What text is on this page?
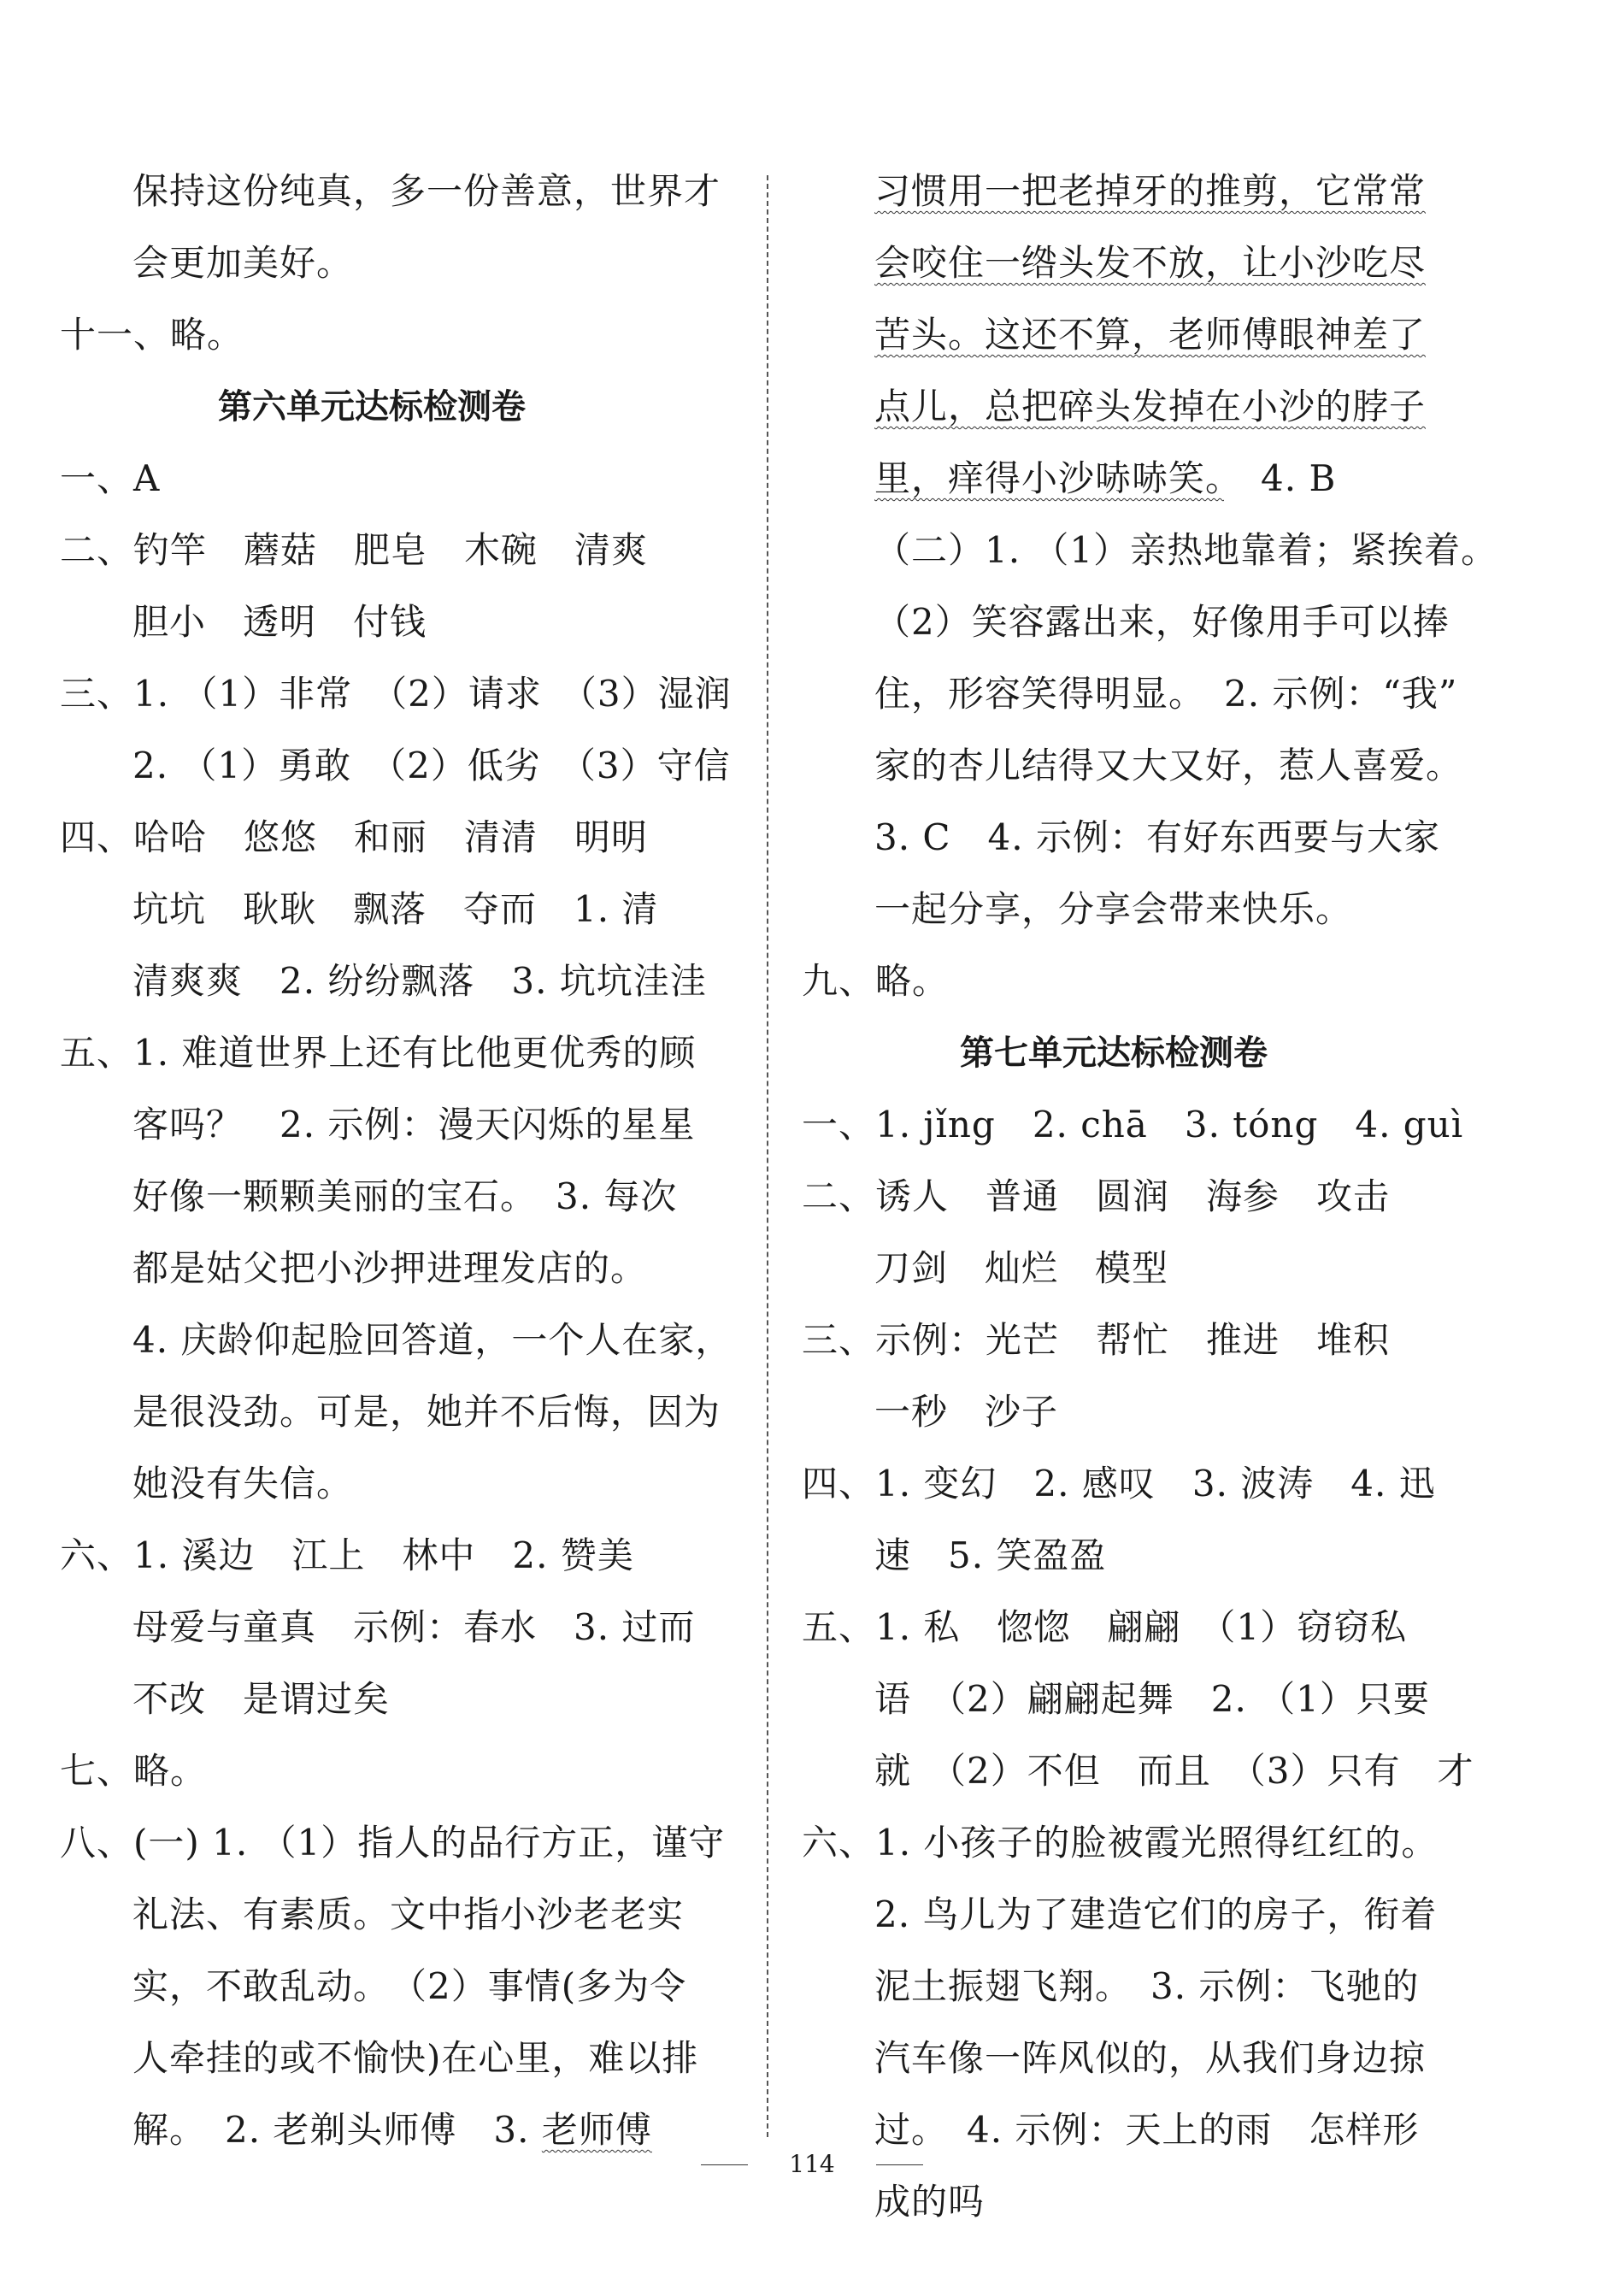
保持这份纯真，多一份善意，世界才
会更加美好。
十一、略。
第六单元达标检测卷
一、A
二、钓竿　蘑菇　肥皂　木碗　清爽
胆小　透明　付钱
三、1. （1）非常　（2）请求　（3）湿润
2. （1）勇敢　（2）低劣　（3）守信
四、哈哈　悠悠　和丽　清清　明明
坑坑　耿耿　飘落　夺而　1. 清
清爽爽　2. 纷纷飘落　3. 坑坑洼洼
五、1. 难道世界上还有比他更优秀的顾
客吗？　2. 示例：漫天闪烁的星星
好像一颗颗美丽的宝石。　3. 每次
都是姑父把小沙押进理发店的。
4. 庆龄仰起脸回答道，一个人在家，
是很没劲。可是，她并不后悔，因为
她没有失信。
六、1. 溪边　江上　林中　2. 赞美
母爱与童真　示例：春水　3. 过而
不改　是谓过矣
七、略。
八、(一) 1. （1）指人的品行方正，谨守
礼法、有素质。文中指小沙老老实
实，不敢乱动。　（2）事情(多为令
人牵挂的或不愉快)在心里，难以排
解。　2. 老剃头师傅　3. 老师傅
习惯用一把老掉牙的推剪，它常常
会咬住一绺头发不放，让小沙吃尽
苦头。这还不算，老师傅眼神差了
点儿，总把碎头发掉在小沙的脖子
里，痒得小沙哧哧笑。　4. B
（二）1. （1）亲热地靠着；紧挨着。
（2）笑容露出来，好像用手可以捧
住，形容笑得明显。　2. 示例：“我”
家的杏儿结得又大又好，惹人喜爱。
3. C　4. 示例：有好东西要与大家
一起分享，分享会带来快乐。
九、略。
第七单元达标检测卷
一、1. jǐng　2. chā　3. tóng　4. guì
二、诱人　普通　圆润　海参　攻击
刀剑　灿烂　模型
三、示例：光芒　帮忙　推进　堆积
一秒　沙子
四、1. 变幻　2. 感叹　3. 波涛　4. 迅
速　5. 笑盈盈
五、1. 私　惚惚　翩翩　（1）窃窃私
语　（2）翩翩起舞　2. （1）只要
就　（2）不但　而且　（3）只有　才
六、1. 小孩子的脸被霞光照得红红的。
2. 鸟儿为了建造它们的房子，衔着
泥土振翅飞翔。　3. 示例：飞驰的
汽车像一阵风似的，从我们身边掠
过。　4. 示例：天上的雨　怎样形
成的吗
114
